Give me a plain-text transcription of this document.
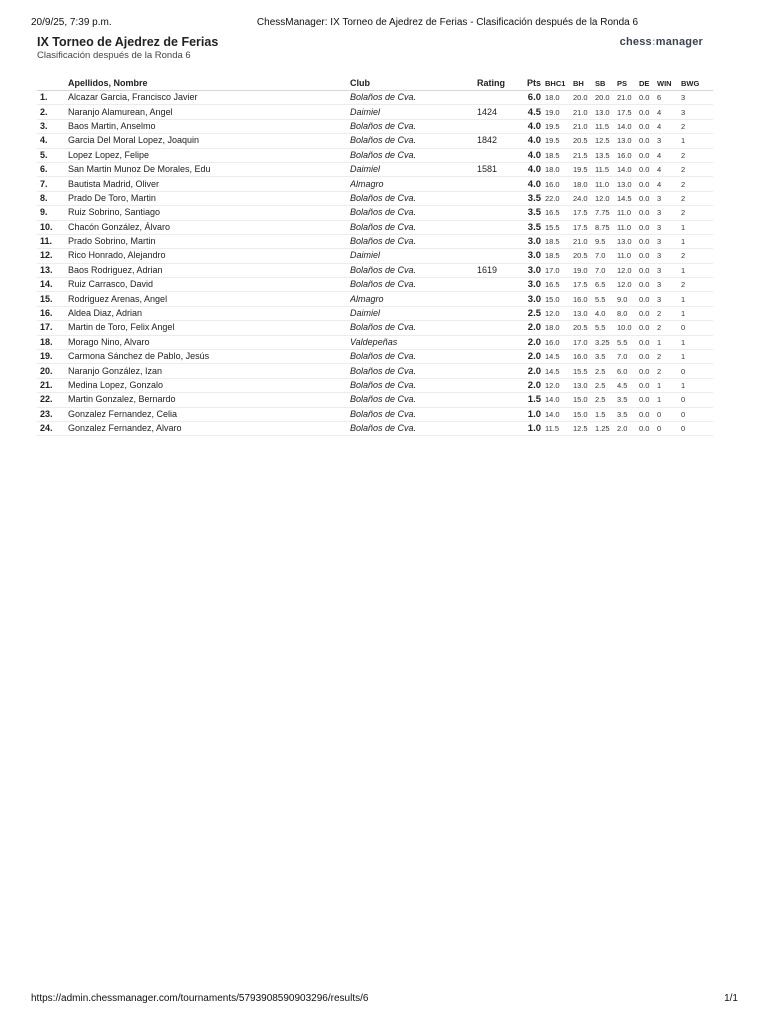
20/9/25, 7:39 p.m.	ChessManager: IX Torneo de Ajedrez de Ferias - Clasificación después de la Ronda 6
IX Torneo de Ajedrez de Ferias
Clasificación después de la Ronda 6
chess:manager
	Apellidos, Nombre	Club	Rating	Pts	BHC1	BH	SB	PS	DE	WIN	BWG
1.	Alcazar Garcia, Francisco Javier	Bolaños de Cva.		6.0	18.0	20.0	20.0	21.0	0.0	6	3
2.	Naranjo Alamurean, Angel	Daimiel	1424	4.5	19.0	21.0	13.0	17.5	0.0	4	3
3.	Baos Martin, Anselmo	Bolaños de Cva.		4.0	19.5	21.0	11.5	14.0	0.0	4	2
4.	Garcia Del Moral Lopez, Joaquin	Bolaños de Cva.	1842	4.0	19.5	20.5	12.5	13.0	0.0	3	1
5.	Lopez Lopez, Felipe	Bolaños de Cva.		4.0	18.5	21.5	13.5	16.0	0.0	4	2
6.	San Martin Munoz De Morales, Edu	Daimiel	1581	4.0	18.0	19.5	11.5	14.0	0.0	4	2
7.	Bautista Madrid, Oliver	Almagro		4.0	16.0	18.0	11.0	13.0	0.0	4	2
8.	Prado De Toro, Martin	Bolaños de Cva.		3.5	22.0	24.0	12.0	14.5	0.0	3	2
9.	Ruiz Sobrino, Santiago	Bolaños de Cva.		3.5	16.5	17.5	7.75	11.0	0.0	3	2
10.	Chacón González, Álvaro	Bolaños de Cva.		3.5	15.5	17.5	8.75	11.0	0.0	3	1
11.	Prado Sobrino, Martin	Bolaños de Cva.		3.0	18.5	21.0	9.5	13.0	0.0	3	1
12.	Rico Honrado, Alejandro	Daimiel		3.0	18.5	20.5	7.0	11.0	0.0	3	2
13.	Baos Rodriguez, Adrian	Bolaños de Cva.	1619	3.0	17.0	19.0	7.0	12.0	0.0	3	1
14.	Ruiz Carrasco, David	Bolaños de Cva.		3.0	16.5	17.5	6.5	12.0	0.0	3	2
15.	Rodriguez Arenas, Angel	Almagro		3.0	15.0	16.0	5.5	9.0	0.0	3	1
16.	Aldea Diaz, Adrian	Daimiel		2.5	12.0	13.0	4.0	8.0	0.0	2	1
17.	Martin de Toro, Felix Angel	Bolaños de Cva.		2.0	18.0	20.5	5.5	10.0	0.0	2	0
18.	Morago Nino, Alvaro	Valdepeñas		2.0	16.0	17.0	3.25	5.5	0.0	1	1
19.	Carmona Sánchez de Pablo, Jesús	Bolaños de Cva.		2.0	14.5	16.0	3.5	7.0	0.0	2	1
20.	Naranjo González, Izan	Bolaños de Cva.		2.0	14.5	15.5	2.5	6.0	0.0	2	0
21.	Medina Lopez, Gonzalo	Bolaños de Cva.		2.0	12.0	13.0	2.5	4.5	0.0	1	1
22.	Martin Gonzalez, Bernardo	Bolaños de Cva.		1.5	14.0	15.0	2.5	3.5	0.0	1	0
23.	Gonzalez Fernandez, Celia	Bolaños de Cva.		1.0	14.0	15.0	1.5	3.5	0.0	0	0
24.	Gonzalez Fernandez, Alvaro	Bolaños de Cva.		1.0	11.5	12.5	1.25	2.0	0.0	0	0
https://admin.chessmanager.com/tournaments/5793908590903296/results/6	1/1
